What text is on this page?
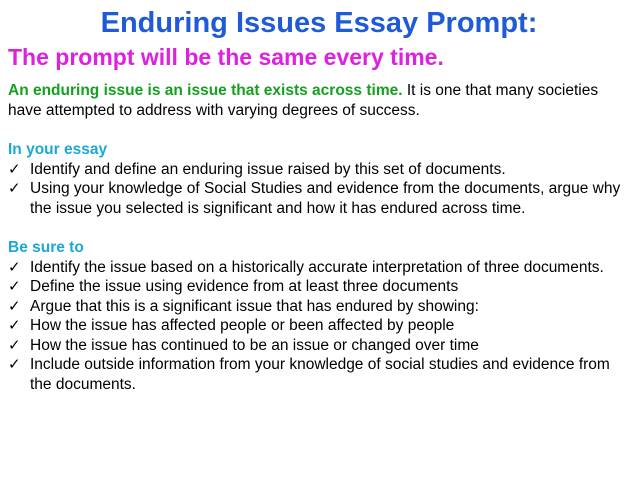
Enduring Issues Essay Prompt:
The prompt will be the same every time.

An enduring issue is an issue that exists across time. It is one that many societies have attempted to address with varying degrees of success.

In your essay

✓ Identify and define an enduring issue raised by this set of documents.
✓ Using your knowledge of Social Studies and evidence from the documents, argue why the issue you selected is significant and how it has endured across time.

Be sure to

✓ Identify the issue based on a historically accurate interpretation of three documents.
✓ Define the issue using evidence from at least three documents
✓ Argue that this is a significant issue that has endured by showing:
✓ How the issue has affected people or been affected by people
✓ How the issue has continued to be an issue or changed over time
✓ Include outside information from your knowledge of social studies and evidence from the documents.
